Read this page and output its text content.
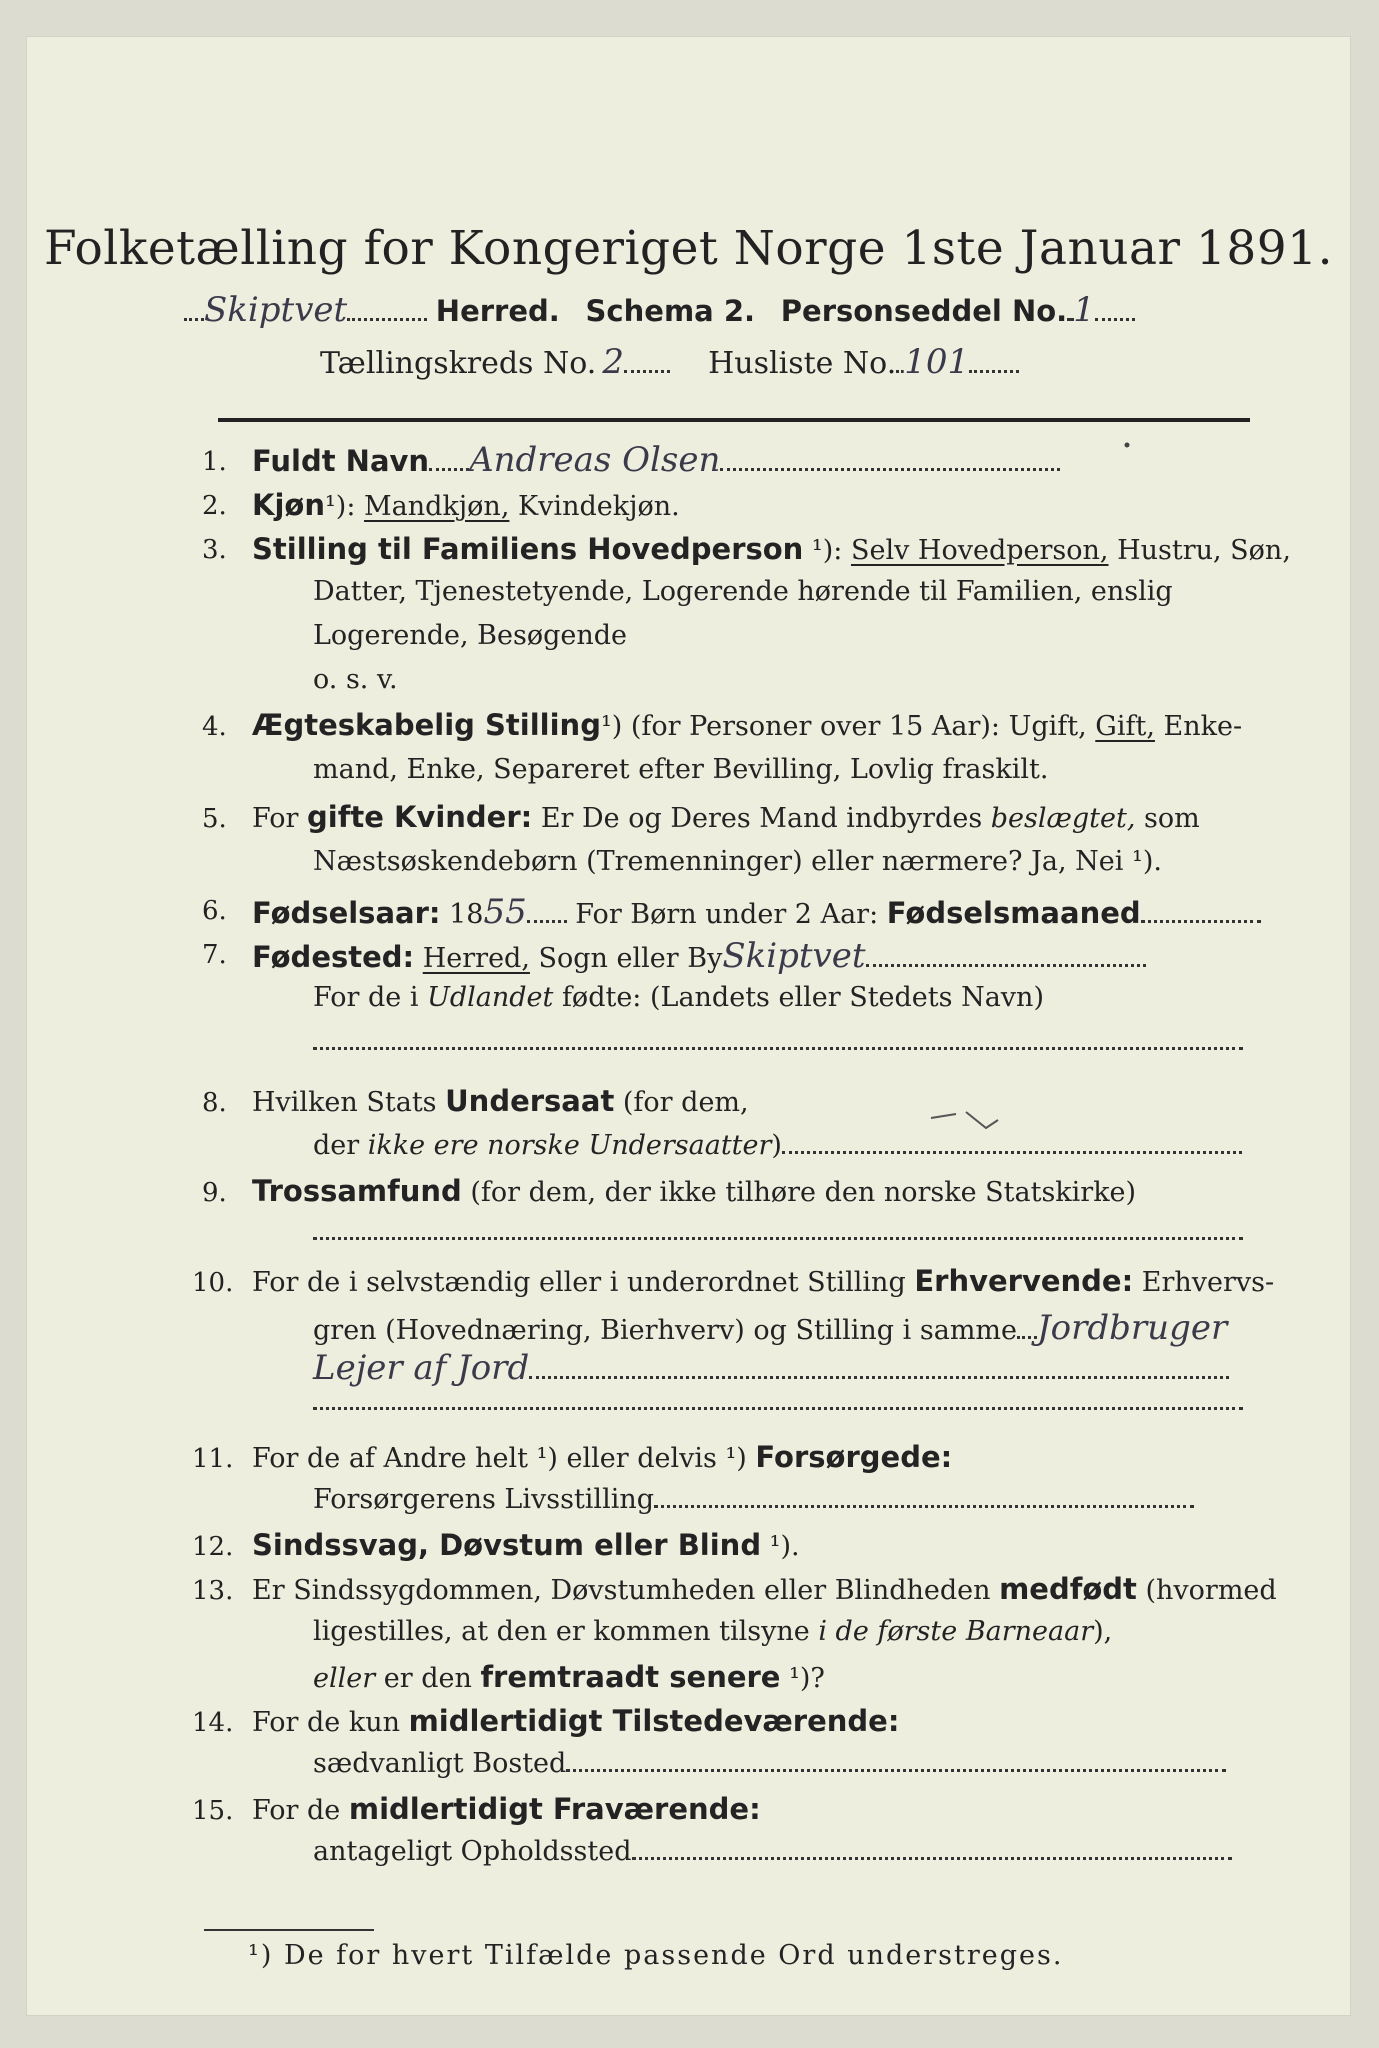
Folketælling for Kongeriget Norge 1ste Januar 1891.
Skiptvet	Herred. Schema 2. Personseddel No. 1
Tællingskreds No. 2	Husliste No. 101
1. Fuldt Navn Andreas Olsen
2. Kjøn¹): Mandkjøn, Kvindekjøn.
3. Stilling til Familiens Hovedperson ¹): Selv Hovedperson, Hustru, Søn,
Datter, Tjenestetyende, Logerende hørende til Familien, enslig
Logerende, Besøgende
o. s. v.
4. Ægteskabelig Stilling¹) (for Personer over 15 Aar): Ugift, Gift, Enke-
mand, Enke, Separeret efter Bevilling, Lovlig fraskilt.
5. For gifte Kvinder: Er De og Deres Mand indbyrdes beslægtet, som
Næstsøskendebørn (Tremenninger) eller nærmere? Ja, Nei ¹).
6. Fødselsaar: 1855 For Børn under 2 Aar: Fødselsmaaned
7. Fødested: Herred, Sogn eller BySkiptvet
For de i Udlandet fødte: (Landets eller Stedets Navn)
8. Hvilken Stats Undersaat (for dem,
der ikke ere norske Undersaatter)
9. Trossamfund (for dem, der ikke tilhøre den norske Statskirke)
10. For de i selvstændig eller i underordnet Stilling Erhvervende: Erhvervs-
gren (Hovednæring, Bierhverv) og Stilling i samme Jordbruger
Lejer af Jord
11. For de af Andre helt ¹) eller delvis ¹) Forsørgede:
Forsørgerens Livsstilling
12. Sindssvag, Døvstum eller Blind ¹).
13. Er Sindssygdommen, Døvstumheden eller Blindheden medfødt (hvormed
ligestilles, at den er kommen tilsyne i de første Barneaar),
eller er den fremtraadt senere ¹)?
14. For de kun midlertidigt Tilstedeværende:
sædvanligt Bosted
15. For de midlertidigt Fraværende:
antageligt Opholdssted
¹) De for hvert Tilfælde passende Ord understreges.
